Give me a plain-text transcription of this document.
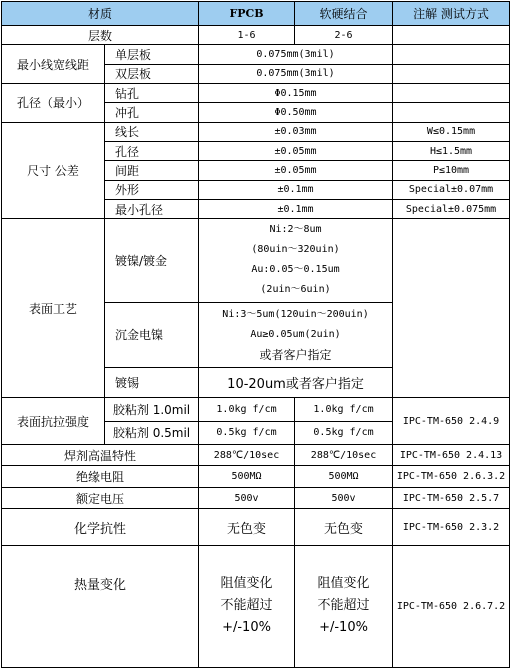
材质		FPCB	软硬结合	注解 测试方式
层数		1-6	2-6	
最小线宽线距	单层板	0.075mm(3mil)		
	双层板	0.075mm(3mil)		
孔径（最小）	钻孔	Φ0.15mm		
	冲孔	Φ0.50mm		
尺寸 公差	线长	±0.03mm		W≤0.15mm
	孔径	±0.05mm		H≤1.5mm
	间距	±0.05mm		P≤10mm
	外形	±0.1mm		Special±0.07mm
	最小孔径	±0.1mm		Special±0.075mm
表面工艺	镀镍/镀金	Ni:2～8um
(80uin～320uin)
Au:0.05～0.15um
(2uin～6uin)		

	沉金电镍	Ni:3～5um(120uin～200uin)
Au≥0.05um(2uin)
或者客户指定		

	镀锡	10-20um或者客户指定		
表面抗拉强度	胶粘剂 1.0mil	1.0kg f/cm	1.0kg f/cm	IPC-TM-650 2.4.9
	胶粘剂 0.5mil	0.5kg f/cm	0.5kg f/cm	
焊剂高温特性		288℃/10sec	288℃/10sec	IPC-TM-650 2.4.13
绝缘电阻		500MΩ	500MΩ	IPC-TM-650 2.6.3.2
额定电压		500v	500v	IPC-TM-650 2.5.7
化学抗性		无色变	无色变	IPC-TM-650 2.3.2
热量变化		阻值变化
不能超过
+/-10%	阻值变化
不能超过
+/-10%	IPC-TM-650 2.6.7.2
